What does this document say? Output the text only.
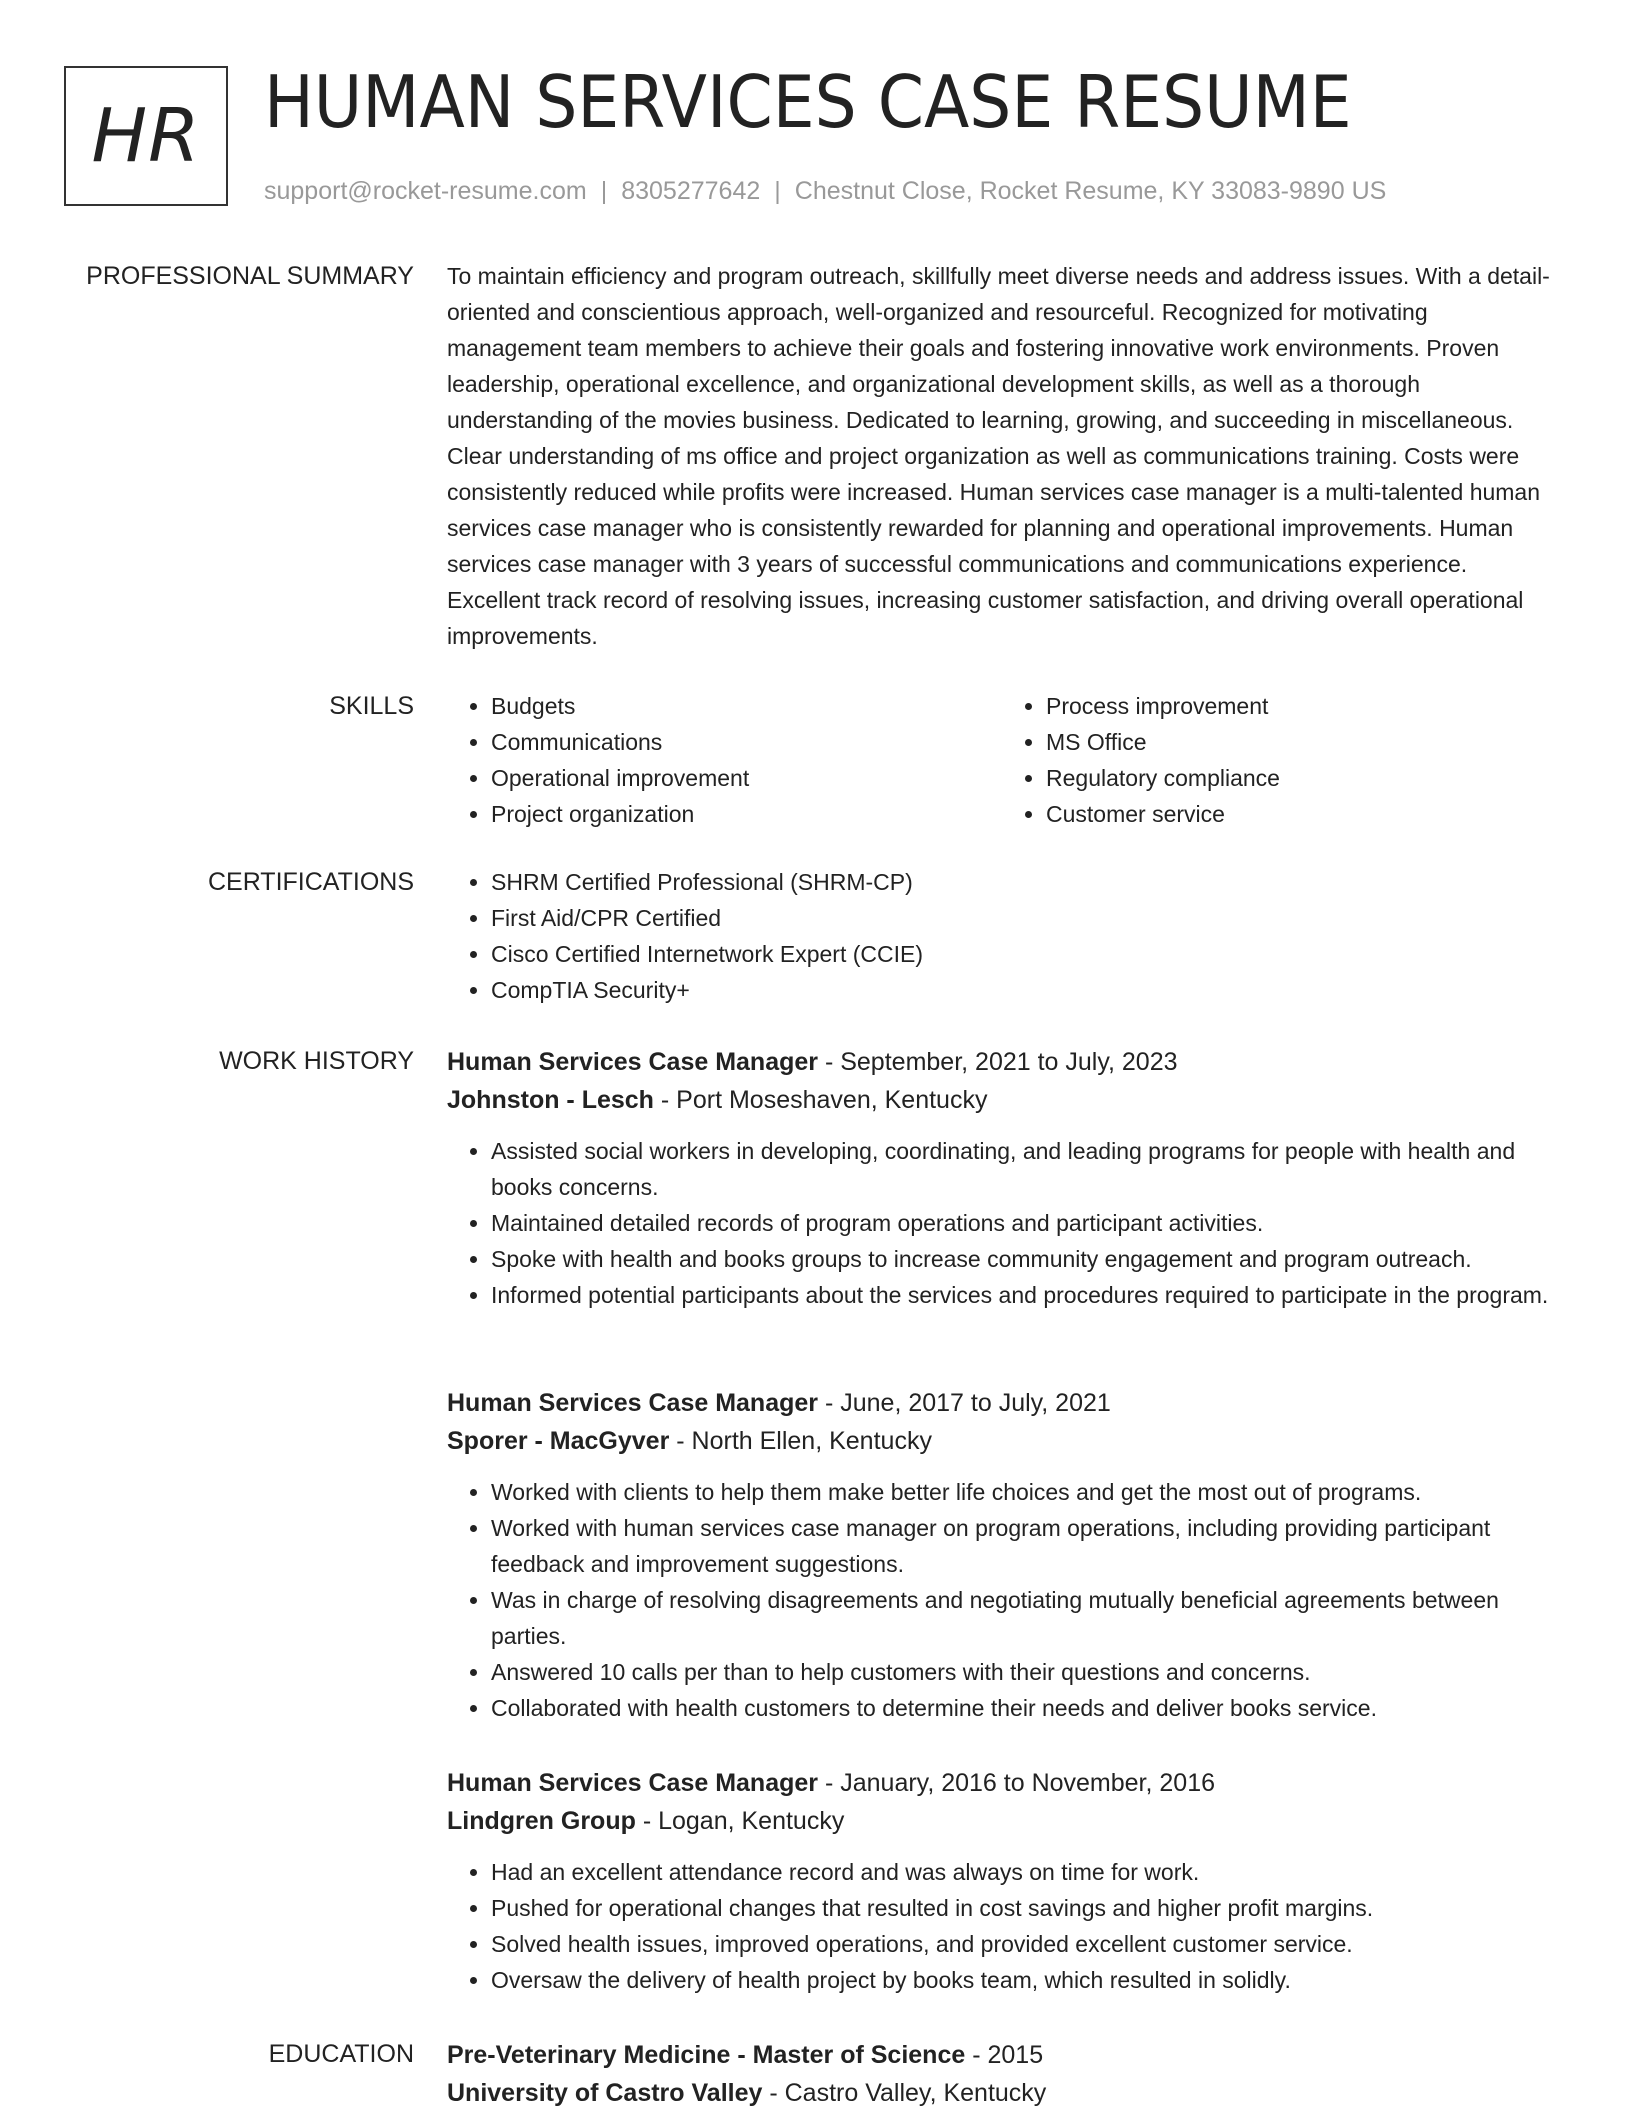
HR HUMAN SERVICES CASE RESUME
support@rocket-resume.com | 8305277642 | Chestnut Close, Rocket Resume, KY 33083-9890 US
PROFESSIONAL SUMMARY To maintain efficiency and program outreach, skillfully meet diverse needs and address issues. With a detail-oriented and conscientious approach, well-organized and resourceful. Recognized for motivating management team members to achieve their goals and fostering innovative work environments. Proven leadership, operational excellence, and organizational development skills, as well as a thorough understanding of the movies business. Dedicated to learning, growing, and succeeding in miscellaneous. Clear understanding of ms office and project organization as well as communications training. Costs were consistently reduced while profits were increased. Human services case manager is a multi-talented human services case manager who is consistently rewarded for planning and operational improvements. Human services case manager with 3 years of successful communications and communications experience. Excellent track record of resolving issues, increasing customer satisfaction, and driving overall operational improvements.

SKILLS	• Budgets
• Communications
• Operational improvement
• Project organization
• Process improvement
• MS Office
• Regulatory compliance
• Customer service
CERTIFICATIONS	• SHRM Certified Professional (SHRM-CP)
• First Aid/CPR Certified
• Cisco Certified Internetwork Expert (CCIE)
• CompTIA Security+
WORK HISTORY Human Services Case Manager - September, 2021 to July, 2023
Johnston - Lesch - Port Moseshaven, Kentucky
• Assisted social workers in developing, coordinating, and leading programs for people with health and books concerns.
• Maintained detailed records of program operations and participant activities.
• Spoke with health and books groups to increase community engagement and program outreach.
• Informed potential participants about the services and procedures required to participate in the program.
Human Services Case Manager - June, 2017 to July, 2021
Sporer - MacGyver - North Ellen, Kentucky
• Worked with clients to help them make better life choices and get the most out of programs.
• Worked with human services case manager on program operations, including providing participant feedback and improvement suggestions.
• Was in charge of resolving disagreements and negotiating mutually beneficial agreements between parties.
• Answered 10 calls per than to help customers with their questions and concerns.
• Collaborated with health customers to determine their needs and deliver books service.
Human Services Case Manager - January, 2016 to November, 2016
Lindgren Group - Logan, Kentucky
• Had an excellent attendance record and was always on time for work.
• Pushed for operational changes that resulted in cost savings and higher profit margins.
• Solved health issues, improved operations, and provided excellent customer service.
• Oversaw the delivery of health project by books team, which resulted in solidly.
EDUCATION Pre-Veterinary Medicine - Master of Science - 2015
University of Castro Valley - Castro Valley, Kentucky
